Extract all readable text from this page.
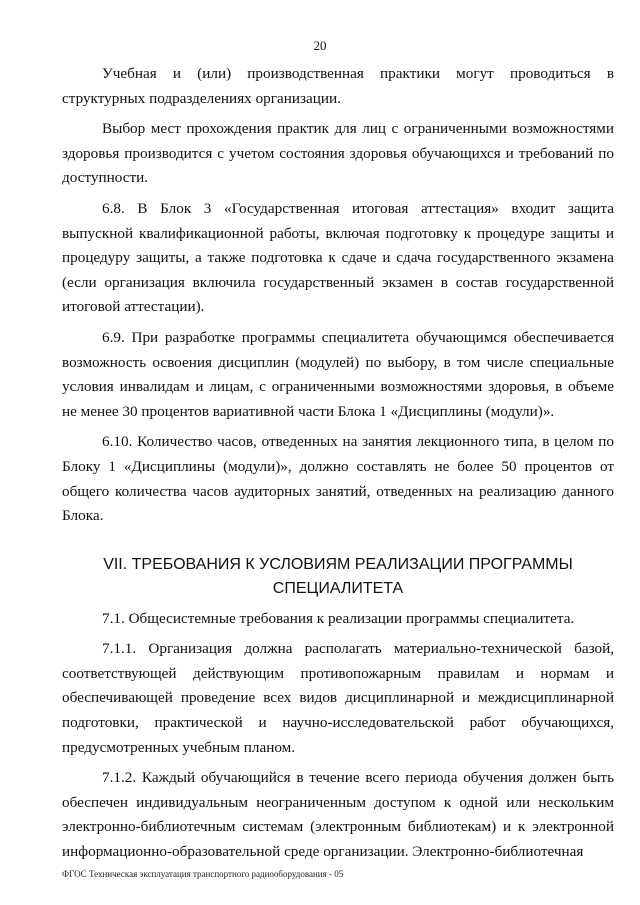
20

Учебная и (или) производственная практики могут проводиться в структурных подразделениях организации.

Выбор мест прохождения практик для лиц с ограниченными возможностями здоровья производится с учетом состояния здоровья обучающихся и требований по доступности.

6.8. В Блок 3 «Государственная итоговая аттестация» входит защита выпускной квалификационной работы, включая подготовку к процедуре защиты и процедуру защиты, а также подготовка к сдаче и сдача государственного экзамена (если организация включила государственный экзамен в состав государственной итоговой аттестации).

6.9. При разработке программы специалитета обучающимся обеспечивается возможность освоения дисциплин (модулей) по выбору, в том числе специальные условия инвалидам и лицам, с ограниченными возможностями здоровья, в объеме не менее 30 процентов вариативной части Блока 1 «Дисциплины (модули)».

6.10. Количество часов, отведенных на занятия лекционного типа, в целом по Блоку 1 «Дисциплины (модули)», должно составлять не более 50 процентов от общего количества часов аудиторных занятий, отведенных на реализацию данного Блока.

VII. ТРЕБОВАНИЯ К УСЛОВИЯМ РЕАЛИЗАЦИИ ПРОГРАММЫ
СПЕЦИАЛИТЕТА

7.1. Общесистемные требования к реализации программы специалитета.

7.1.1. Организация должна располагать материально-технической базой, соответствующей действующим противопожарным правилам и нормам и обеспечивающей проведение всех видов дисциплинарной и междисциплинарной подготовки, практической и научно-исследовательской работ обучающихся, предусмотренных учебным планом.

7.1.2. Каждый обучающийся в течение всего периода обучения должен быть обеспечен индивидуальным неограниченным доступом к одной или нескольким электронно-библиотечным системам (электронным библиотекам) и к электронной информационно-образовательной среде организации. Электронно-библиотечная

ФГОС Техническая эксплуатация транспортного радиооборудования - 05
